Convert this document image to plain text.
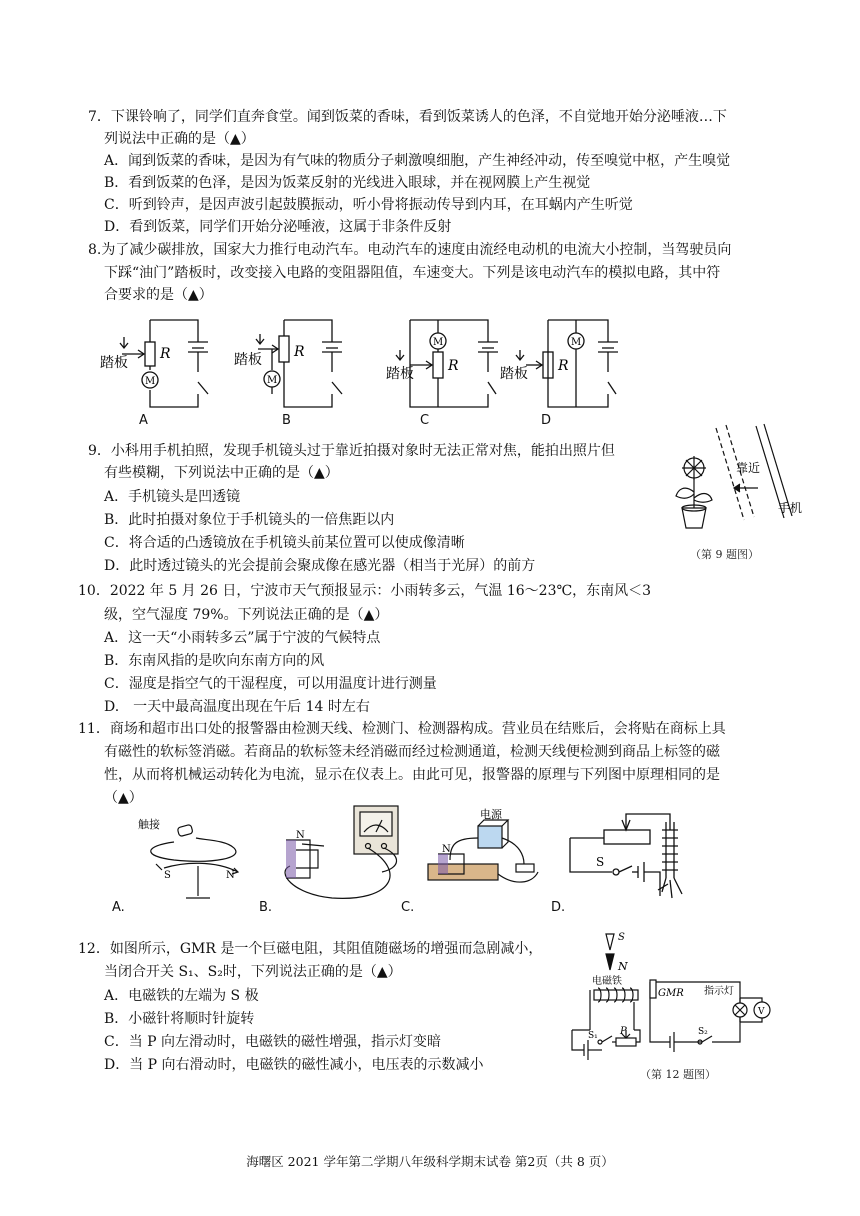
7．下课铃响了，同学们直奔食堂。闻到饭菜的香味，看到饭菜诱人的色泽，不自觉地开始分泌唾液…下
列说法中正确的是（▲）
A．闻到饭菜的香味，是因为有气味的物质分子刺激嗅细胞，产生神经冲动，传至嗅觉中枢，产生嗅觉
B．看到饭菜的色泽，是因为饭菜反射的光线进入眼球，并在视网膜上产生视觉
C．听到铃声，是因声波引起鼓膜振动，听小骨将振动传导到内耳，在耳蜗内产生听觉
D．看到饭菜，同学们开始分泌唾液，这属于非条件反射
8.为了减少碳排放，国家大力推行电动汽车。电动汽车的速度由流经电动机的电流大小控制，当驾驶员向
下踩“油门”踏板时，改变接入电路的变阻器阻值，车速变大。下列是该电动汽车的模拟电路，其中符
合要求的是（▲）
R
M
踏板
R
M
踏板	R
M
踏板	R
M
踏板
A	B	C	D
9．小科用手机拍照，发现手机镜头过于靠近拍摄对象时无法正常对焦，能拍出照片但
有些模糊，下列说法中正确的是（▲）
A．手机镜头是凹透镜
B．此时拍摄对象位于手机镜头的一倍焦距以内
C．将合适的凸透镜放在手机镜头前某位置可以使成像清晰
D．此时透过镜头的光会提前会聚成像在感光器（相当于光屏）的前方
靠近
手机
（第 9 题图）
10．2022 年 5 月 26 日，宁波市天气预报显示：小雨转多云，气温 16～23℃，东南风＜3
级，空气湿度 79%。下列说法正确的是（▲）
A．这一天“小雨转多云”属于宁波的气候特点
B．东南风指的是吹向东南方向的风
C．湿度是指空气的干湿程度，可以用温度计进行测量
D.　一天中最高温度出现在午后 14 时左右
11．商场和超市出口处的报警器由检测天线、检测门、检测器构成。营业员在结账后，会将贴在商标上具
有磁性的软标签消磁。若商品的软标签未经消磁而经过检测通道，检测天线便检测到商品上标签的磁
性，从而将机械运动转化为电流，显示在仪表上。由此可见，报警器的原理与下列图中原理相同的是
（▲）
触接
S	N
N
电源
N
S
A.	B.	C.	D.
12．如图所示，GMR 是一个巨磁电阻，其阻值随磁场的增强而急剧减小，
当闭合开关 S₁、S₂时，下列说法正确的是（▲）
A．电磁铁的左端为 S 极
B．小磁针将顺时针旋转
C．当 P 向左滑动时，电磁铁的磁性增强，指示灯变暗
D．当 P 向右滑动时，电磁铁的磁性减小，电压表的示数减小
S
N
电磁铁
GMR 指示灯
V
S₁ P	S₂
（第 12 题图）
海曙区 2021 学年第二学期八年级科学期末试卷 第2页（共 8 页）
